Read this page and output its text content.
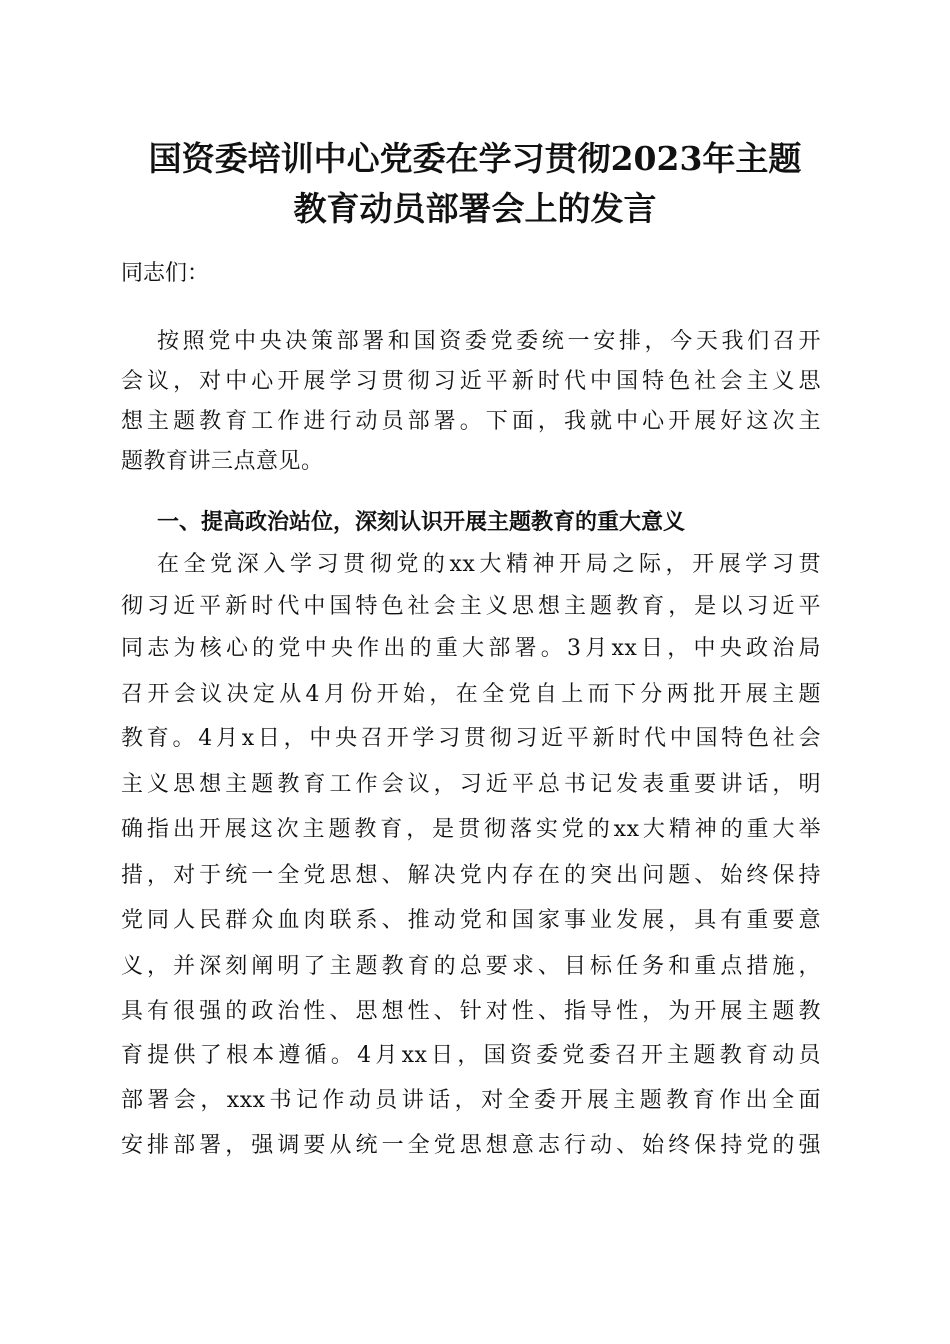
国资委培训中心党委在学习贯彻2023年主题
教育动员部署会上的发言
同志们：
按照党中央决策部署和国资委党委统一安排，今天我们召开
会议，对中心开展学习贯彻习近平新时代中国特色社会主义思
想主题教育工作进行动员部署。下面，我就中心开展好这次主
题教育讲三点意见。
一、提高政治站位，深刻认识开展主题教育的重大意义
在全党深入学习贯彻党的xx大精神开局之际，开展学习贯
彻习近平新时代中国特色社会主义思想主题教育，是以习近平
同志为核心的党中央作出的重大部署。3月xx日，中央政治局
召开会议决定从4月份开始，在全党自上而下分两批开展主题
教育。4月x日，中央召开学习贯彻习近平新时代中国特色社会
主义思想主题教育工作会议，习近平总书记发表重要讲话，明
确指出开展这次主题教育，是贯彻落实党的xx大精神的重大举
措，对于统一全党思想、解决党内存在的突出问题、始终保持
党同人民群众血肉联系、推动党和国家事业发展，具有重要意
义，并深刻阐明了主题教育的总要求、目标任务和重点措施，
具有很强的政治性、思想性、针对性、指导性，为开展主题教
育提供了根本遵循。4月xx日，国资委党委召开主题教育动员
部署会，xxx书记作动员讲话，对全委开展主题教育作出全面
安排部署，强调要从统一全党思想意志行动、始终保持党的强
